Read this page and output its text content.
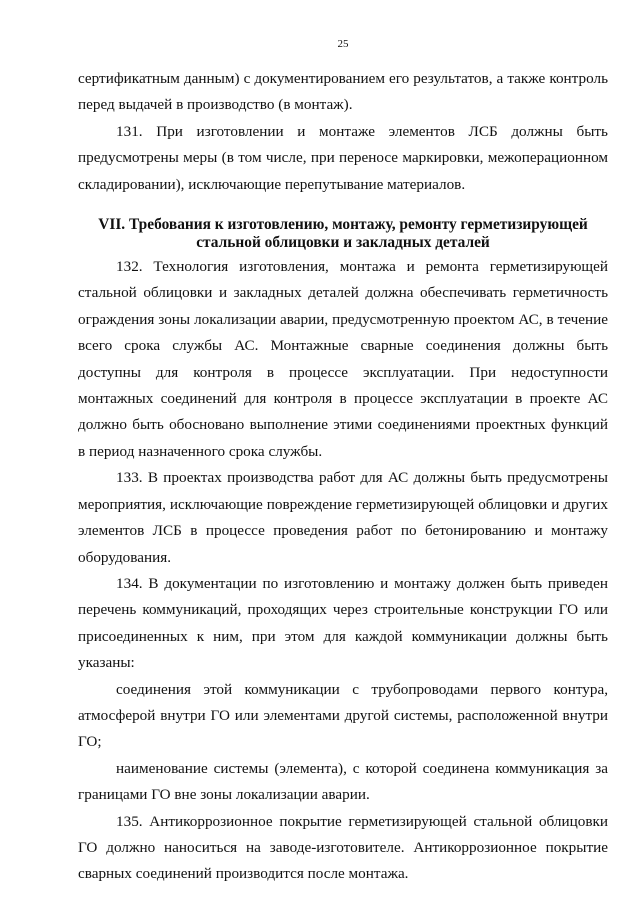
25

сертификатным данным) с документированием его результатов, а также контроль перед выдачей в производство (в монтаж).

131. При изготовлении и монтаже элементов ЛСБ должны быть предусмотрены меры (в том числе, при переносе маркировки, межоперационном складировании), исключающие перепутывание материалов.

VII. Требования к изготовлению, монтажу, ремонту герметизирующей
стальной облицовки и закладных деталей

132. Технология изготовления, монтажа и ремонта герметизирующей стальной облицовки и закладных деталей должна обеспечивать герметичность ограждения зоны локализации аварии, предусмотренную проектом АС, в течение всего срока службы АС. Монтажные сварные соединения должны быть доступны для контроля в процессе эксплуатации. При недоступности монтажных соединений для контроля в процессе эксплуатации в проекте АС должно быть обосновано выполнение этими соединениями проектных функций в период назначенного срока службы.

133. В проектах производства работ для АС должны быть предусмотрены мероприятия, исключающие повреждение герметизирующей облицовки и других элементов ЛСБ в процессе проведения работ по бетонированию и монтажу оборудования.

134. В документации по изготовлению и монтажу должен быть приведен перечень коммуникаций, проходящих через строительные конструкции ГО или присоединенных к ним, при этом для каждой коммуникации должны быть указаны:

соединения этой коммуникации с трубопроводами первого контура, атмосферой внутри ГО или элементами другой системы, расположенной внутри ГО;

наименование системы (элемента), с которой соединена коммуникация за границами ГО вне зоны локализации аварии.

135. Антикоррозионное покрытие герметизирующей стальной облицовки ГО должно наноситься на заводе-изготовителе. Антикоррозионное покрытие сварных соединений производится после монтажа.
